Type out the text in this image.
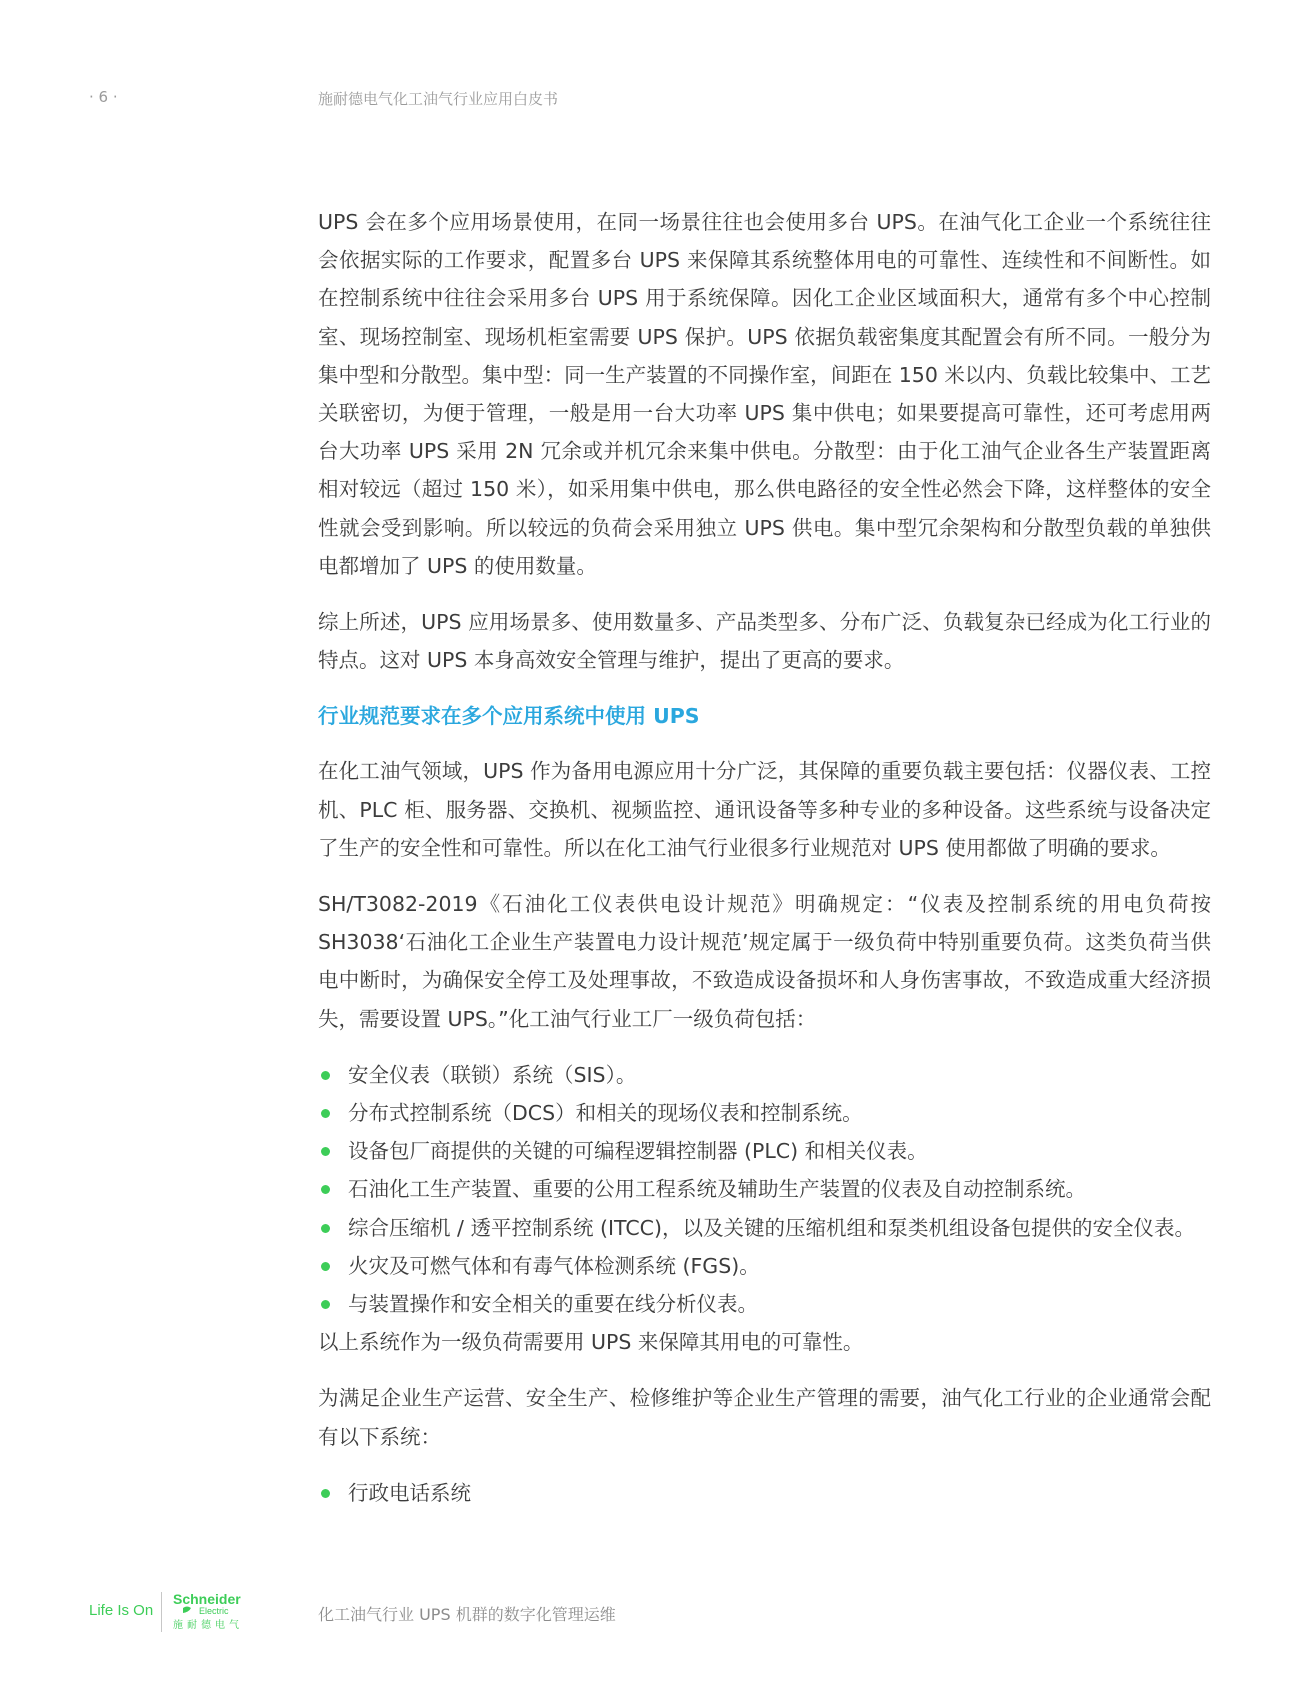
· 6 ·	施耐德电气化工油气行业应用白皮书

UPS 会在多个应用场景使用，在同一场景往往也会使用多台 UPS。在油气化工企业一个系统往往会依据实际的工作要求，配置多台 UPS 来保障其系统整体用电的可靠性、连续性和不间断性。如在控制系统中往往会采用多台 UPS 用于系统保障。因化工企业区域面积大，通常有多个中心控制室、现场控制室、现场机柜室需要 UPS 保护。UPS 依据负载密集度其配置会有所不同。一般分为集中型和分散型。集中型：同一生产装置的不同操作室，间距在 150 米以内、负载比较集中、工艺关联密切，为便于管理，一般是用一台大功率 UPS 集中供电；如果要提高可靠性，还可考虑用两台大功率 UPS 采用 2N 冗余或并机冗余来集中供电。分散型：由于化工油气企业各生产装置距离相对较远（超过 150 米），如采用集中供电，那么供电路径的安全性必然会下降，这样整体的安全性就会受到影响。所以较远的负荷会采用独立 UPS 供电。集中型冗余架构和分散型负载的单独供电都增加了 UPS 的使用数量。

综上所述，UPS 应用场景多、使用数量多、产品类型多、分布广泛、负载复杂已经成为化工行业的特点。这对 UPS 本身高效安全管理与维护，提出了更高的要求。

行业规范要求在多个应用系统中使用 UPS

在化工油气领域，UPS 作为备用电源应用十分广泛，其保障的重要负载主要包括：仪器仪表、工控机、PLC 柜、服务器、交换机、视频监控、通讯设备等多种专业的多种设备。这些系统与设备决定了生产的安全性和可靠性。所以在化工油气行业很多行业规范对 UPS 使用都做了明确的要求。

SH/T3082-2019《石油化工仪表供电设计规范》明确规定：“仪表及控制系统的用电负荷按 SH3038‘石油化工企业生产装置电力设计规范’规定属于一级负荷中特别重要负荷。这类负荷当供电中断时，为确保安全停工及处理事故，不致造成设备损坏和人身伤害事故，不致造成重大经济损失，需要设置 UPS。”化工油气行业工厂一级负荷包括：

安全仪表（联锁）系统（SIS）。
分布式控制系统（DCS）和相关的现场仪表和控制系统。
设备包厂商提供的关键的可编程逻辑控制器 (PLC) 和相关仪表。
石油化工生产装置、重要的公用工程系统及辅助生产装置的仪表及自动控制系统。
综合压缩机 / 透平控制系统 (ITCC)，以及关键的压缩机组和泵类机组设备包提供的安全仪表。
火灾及可燃气体和有毒气体检测系统 (FGS)。
与装置操作和安全相关的重要在线分析仪表。

以上系统作为一级负荷需要用 UPS 来保障其用电的可靠性。

为满足企业生产运营、安全生产、检修维护等企业生产管理的需要，油气化工行业的企业通常会配有以下系统：

行政电话系统
Life Is On
Schneider
Electric
施耐德电气
化工油气行业 UPS 机群的数字化管理运维
